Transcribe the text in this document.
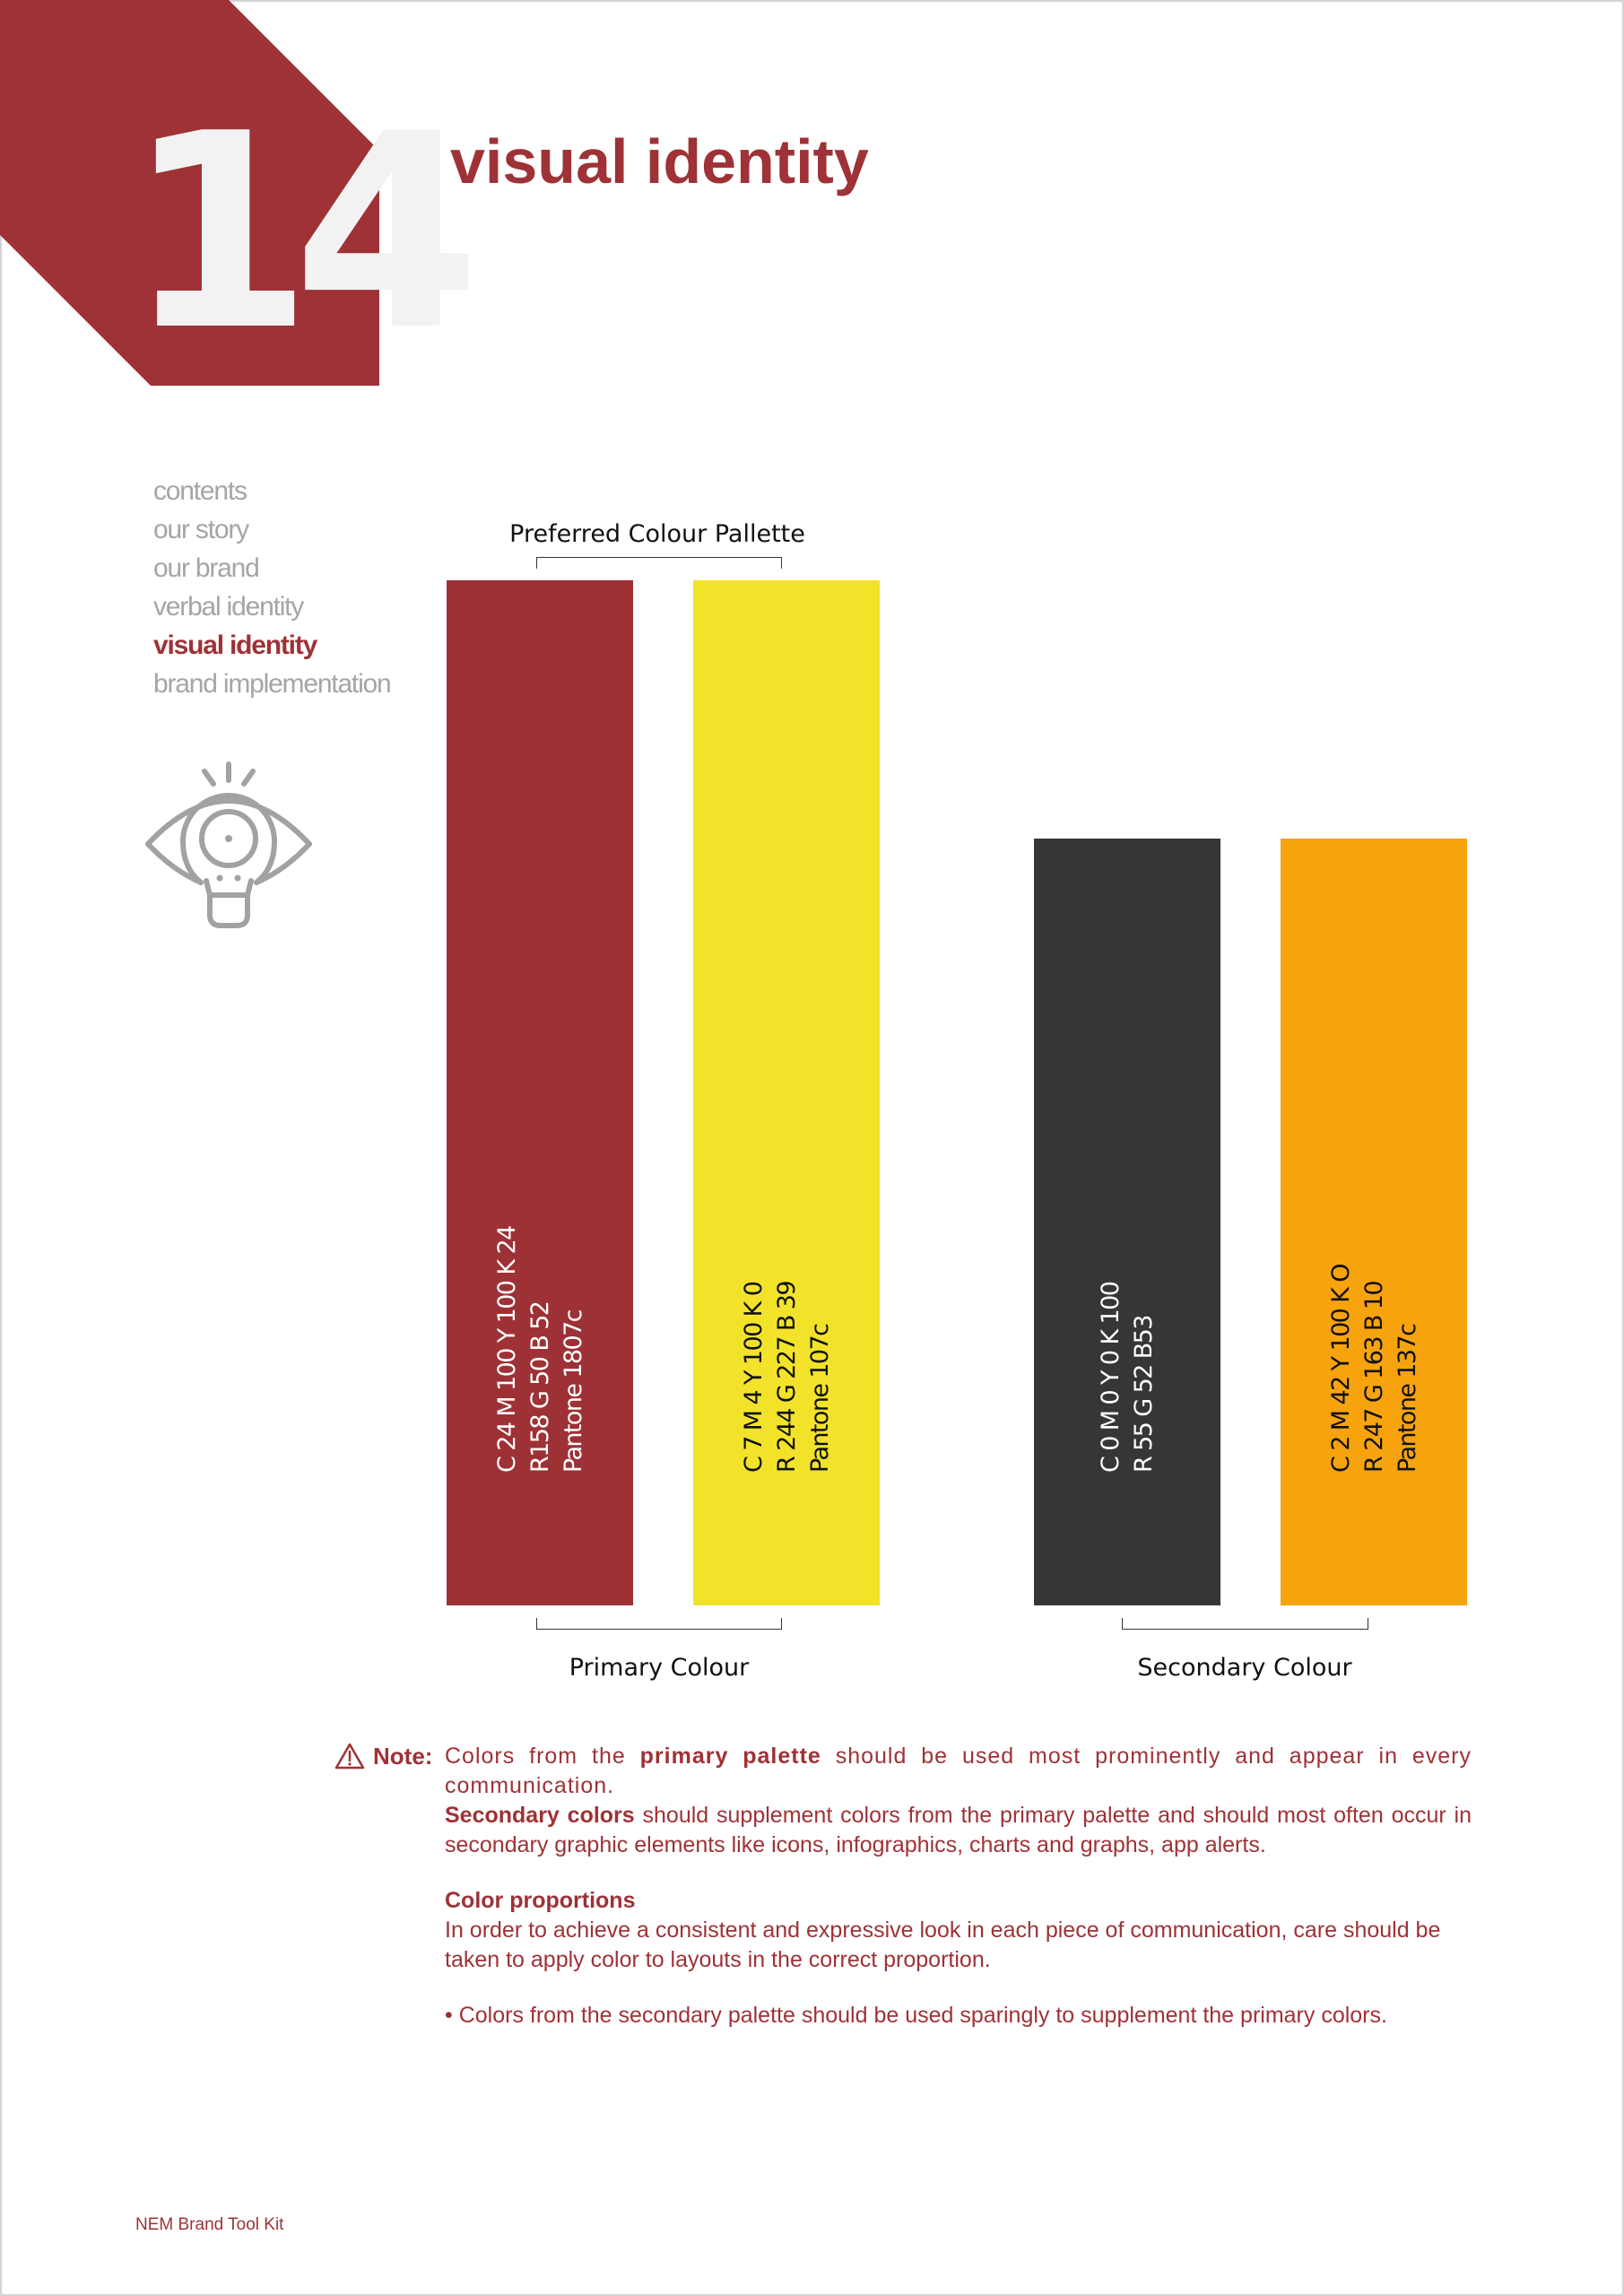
14
visual identity
contents
our story
our brand
verbal identity
visual identity
brand implementation
Preferred Colour Pallette
C 24 M 100 Y 100 K 24 R158 G 50 B 52 Pantone 1807c	C 7 M 4 Y 100 K 0 R 244 G 227 B 39 Pantone 107c	C 0 M 0 Y 0 K 100 R 55 G 52 B53	C 2 M 42 Y 100 K O R 247 G 163 B 10 Pantone 137c
Primary Colour	Secondary Colour
Note: Colors from the primary palette should be used most prominently and appear in every communication.

Secondary colors should supplement colors from the primary palette and should most often occur in secondary graphic elements like icons, infographics, charts and graphs, app alerts.

Color proportions

In order to achieve a consistent and expressive look in each piece of communication, care should be taken to apply color to layouts in the correct proportion.

• Colors from the secondary palette should be used sparingly to supplement the primary colors.

NEM Brand Tool Kit
